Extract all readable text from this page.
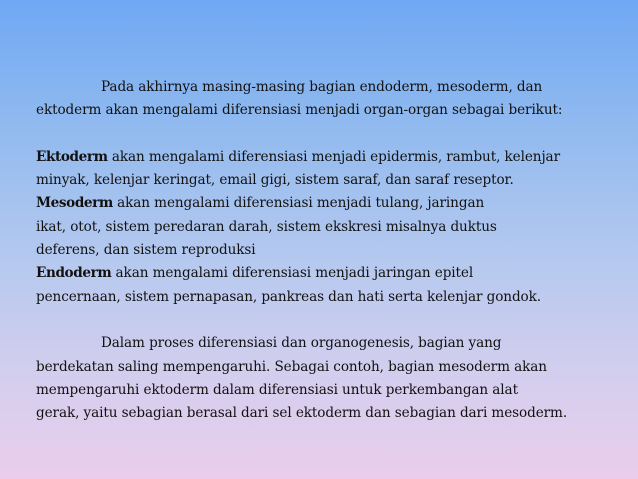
Pada akhirnya masing-masing bagian endoderm, mesoderm, dan
ektoderm akan mengalami diferensiasi menjadi organ-organ sebagai berikut:

Ektoderm akan mengalami diferensiasi menjadi epidermis, rambut, kelenjar
minyak, kelenjar keringat, email gigi, sistem saraf, dan saraf reseptor.

Mesoderm akan mengalami diferensiasi menjadi tulang, jaringan
ikat, otot, sistem peredaran darah, sistem ekskresi misalnya duktus
deferens, dan sistem reproduksi

Endoderm akan mengalami diferensiasi menjadi jaringan epitel
pencernaan, sistem pernapasan, pankreas dan hati serta kelenjar gondok.

Dalam proses diferensiasi dan organogenesis, bagian yang
berdekatan saling mempengaruhi. Sebagai contoh, bagian mesoderm akan
mempengaruhi ektoderm dalam diferensiasi untuk perkembangan alat
gerak, yaitu sebagian berasal dari sel ektoderm dan sebagian dari mesoderm.
